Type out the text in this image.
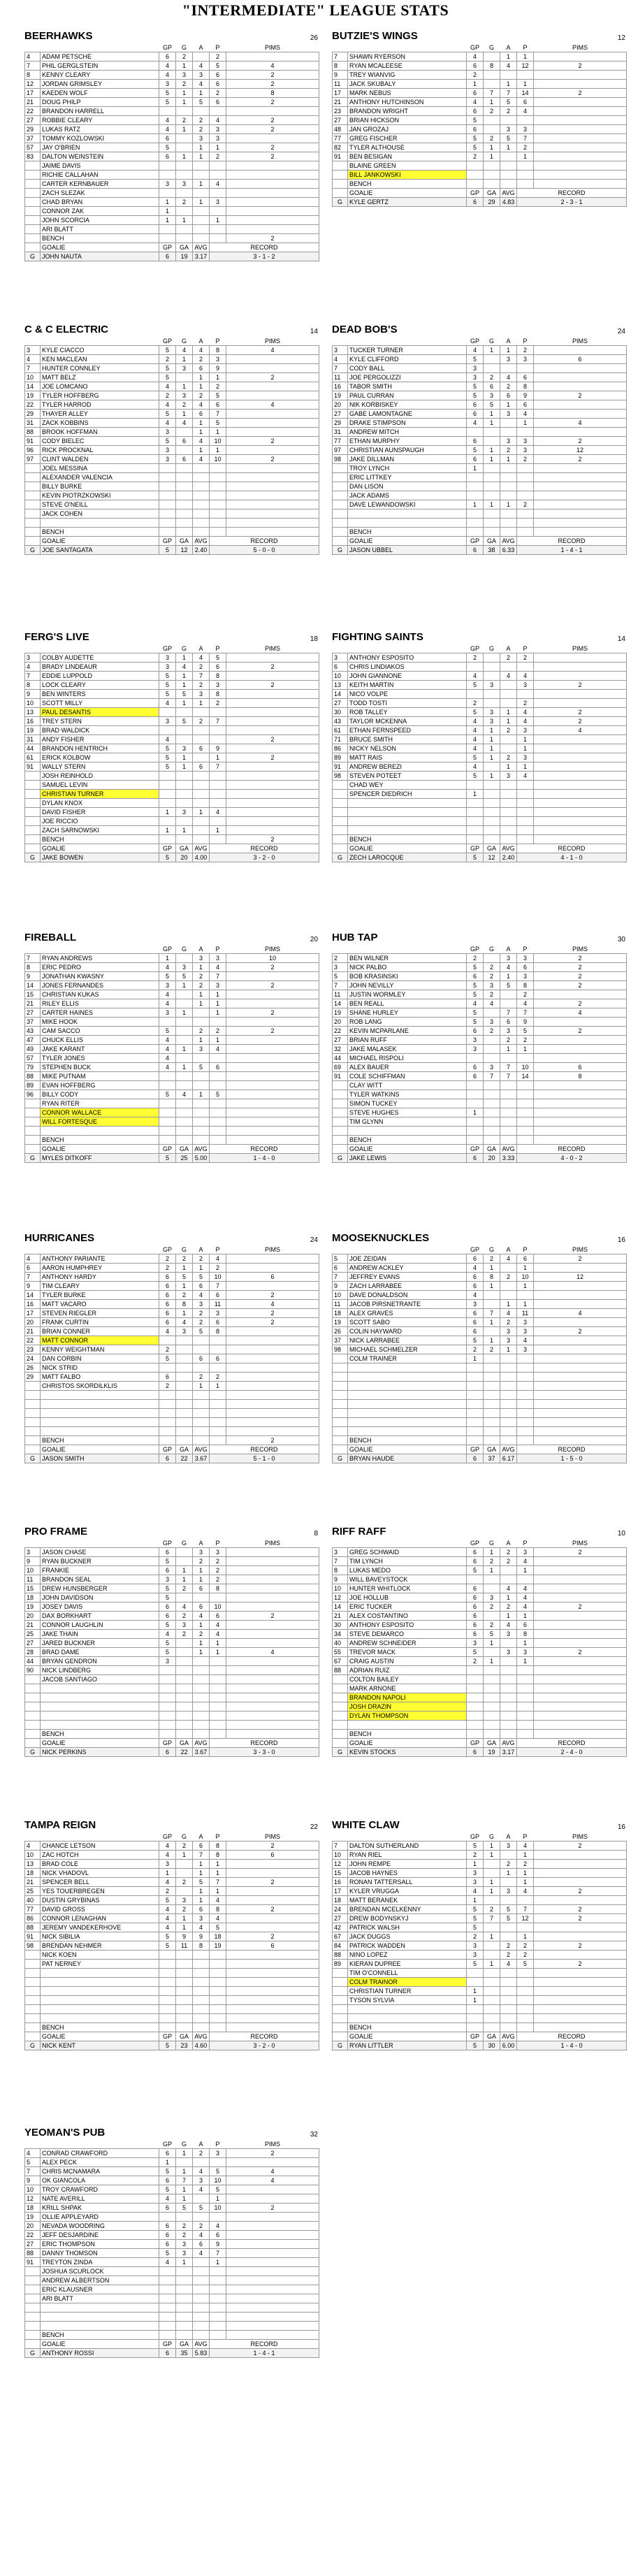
"INTERMEDIATE" LEAGUE STATS
BEERHAWKS	26
		GP	G	A	P	PIMS
4	ADAM PETSCHE	6	2		2	
7	PHIL GERGLSTEIN	4	1	4	5	4
8	KENNY CLEARY	4	3	3	6	2
12	JORDAN GRIMSLEY	3	2	4	6	2
17	KAEDEN WOLF	5	1	1	2	8
21	DOUG PHILP	5	1	5	6	2
22	BRANDON HARRELL					
27	ROBBIE CLEARY	4	2	2	4	2
29	LUKAS RATZ	4	1	2	3	2
37	TOMMY KOZLOWSKI	6		3	3	
57	JAY O'BRIEN	5		1	1	2
83	DALTON WEINSTEIN	6	1	1	2	2
	JAIME DAVIS					
	RICHIE CALLAHAN					
	CARTER KERNBAUER	3	3	1	4	
	ZACH SLEZAK					
	CHAD BRYAN	1	2	1	3	
	CONNOR ZAK	1				
	JOHN SCORCIA	1	1		1	
	ARI BLATT					
	BENCH					2
	GOALIE	GP	GA	AVG	RECORD	
G	JOHN NAUTA	6	19	3.17	3 - 1 - 2	
BUTZIE'S WINGS	12
		GP	G	A	P	PIMS
7	SHAWN RYERSON	4		1	1	
8	RYAN MCALEESE	6	8	4	12	2
9	TREY WIANVIG	2				
11	JACK SKUBALY	1		1	1	
17	MARK NEBUS	6	7	7	14	2
21	ANTHONY HUTCHINSON	4	1	5	6	
23	BRANDON WRIGHT	6	2	2	4	
27	BRIAN HICKSON	5				
48	JAN GROZAJ	6		3	3	
77	GREG FISCHER	5	2	5	7	
82	TYLER ALTHOUSE	5	1	1	2	
91	BEN BESIGAN	2	1		1	
	BLAINE GREEN					
	BILL JANKOWSKI					
	BENCH					
	GOALIE	GP	GA	AVG	RECORD	
G	KYLE GERTZ	6	29	4.83	2 - 3 - 1	
C & C ELECTRIC	14
		GP	G	A	P	PIMS
3	KYLE CIACCO	5	4	4	8	4
4	KEN MACLEAN	2	1	2	3	
7	HUNTER CONNLEY	5	3	6	9	
10	MATT BELZ	5		1	1	2
14	JOE LOMCANO	4	1	1	2	
19	TYLER HOFFBERG	2	3	2	5	
22	TYLER HARROD	4	2	4	6	4
29	THAYER ALLEY	5	1	6	7	
31	ZACK KOBBINS	4	4	1	5	
88	BROOK HOFFMAN	3		1	1	
91	CODY BIELEC	5	6	4	10	2
96	RICK PROCKNAL	3		1	1	
97	CLINT WALDEN	3	6	4	10	2
	JOEL MESSINA					
	ALEXANDER VALENCIA					
	BILLY BURKE					
	KEVIN PIOTRZKOWSKI					
	STEVE O'NEILL					
	JACK COHEN					

	BENCH					
	GOALIE	GP	GA	AVG	RECORD	
G	JOE SANTAGATA	5	12	2.40	5 - 0 - 0	
DEAD BOB'S	24
		GP	G	A	P	PIMS
3	TUCKER TURNER	4	1	1	2	
4	KYLE CLIFFORD	5		3	3	6
7	CODY BALL	3				
11	JOE PERGOLIZZI	3	2	4	6	
16	TABOR SMITH	5	6	2	8	
19	PAUL CURRAN	5	3	6	9	2
20	NIK KORBISKEY	6	5	1	6	
27	GABE LAMONTAGNE	6	1	3	4	
29	DRAKE STIMPSON	4	1		1	4
31	ANDREW MITCH					
77	ETHAN MURPHY	6		3	3	2
97	CHRISTIAN AUNSPAUGH	5	1	2	3	12
98	JAKE DILLMAN	6	1	1	2	2
	TROY LYNCH	1				
	ERIC LITTKEY					
	DAN LISON					
	JACK ADAMS					
	DAVE LEWANDOWSKI	1	1	1	2	

	BENCH					
	GOALIE	GP	GA	AVG	RECORD	
G	JASON UBBEL	6	38	6.33	1 - 4 - 1	
FERG'S LIVE	18
		GP	G	A	P	PIMS
3	COLBY AUDETTE	3	1	4	5	
4	BRADY LINDEAUR	3	4	2	6	2
7	EDDIE LUPPOLD	5	1	7	8	
8	LOCK CLEARY	5	1	2	3	2
9	BEN WINTERS	5	5	3	8	
10	SCOTT MILLY	4	1	1	2	
13	PAUL DESANTIS					
16	TREY STERN	3	5	2	7	
19	BRAD WALDICK					
31	ANDY FISHER	4				2
44	BRANDON HENTRICH	5	3	6	9	
61	ERICK KOLBOW	5	1		1	2
91	WALLY STERN	5	1	6	7	
	JOSH REINHOLD					
	SAMUEL LEVIN					
	CHRISTIAN TURNER					
	DYLAN KNOX					
	DAVID FISHER	1	3	1	4	
	JOE RICCIO					
	ZACH SARNOWSKI	1	1		1	
	BENCH					2
	GOALIE	GP	GA	AVG	RECORD	
G	JAKE BOWEN	5	20	4.00	3 - 2 - 0	
FIGHTING SAINTS	14
		GP	G	A	P	PIMS
3	ANTHONY ESPOSITO	2		2	2	
6	CHRIS LINDIAKOS					
10	JOHN GIANNONE	4		4	4	
13	KEITH MARTIN	5	3		3	2
14	NICO VOLPE					
27	TODD TOSTI	2			2	
30	ROB TALLEY	5	3	1	4	2
43	TAYLOR MCKENNA	4	3	1	4	2
61	ETHAN FERNSPEED	4	1	2	3	4
71	BRUCE SMITH	4	1		1	
86	NICKY NELSON	4	1		1	
89	MATT RAIS	5	1	2	3	
91	ANDREW BEREZI	4		1	1	
98	STEVEN POTEET	5	1	3	4	
	CHAD WEY					
	SPENCER DIEDRICH	1				

	BENCH					
	GOALIE	GP	GA	AVG	RECORD	
G	ZECH LAROCQUE	5	12	2.40	4 - 1 - 0	
FIREBALL	20
		GP	G	A	P	PIMS
7	RYAN ANDREWS	1		3	3	10
8	ERIC PEDRO	4	3	1	4	2
9	JONATHAN KWASNY	5	5	2	7	
14	JONES FERNANDES	3	1	2	3	2
15	CHRISTIAN KUKAS	4		1	1	
21	RILEY ELLIS	4		1	1	
27	CARTER HAINES	3	1		1	2
37	MIKE HOOK					
43	CAM SACCO	5		2	2	2
47	CHUCK ELLIS	4		1	1	
49	JAKE KARANT	4	1	3	4	
57	TYLER JONES	4				
79	STEPHEN BUCK	4	1	5	6	
88	MIKE PUTNAM					
89	EVAN HOFFBERG					
96	BILLY CODY	5	4	1	5	
	RYAN RITER					
	CONNOR WALLACE					
	WILL FORTESQUE					

	BENCH					
	GOALIE	GP	GA	AVG	RECORD	
G	MYLES DITKOFF	5	25	5.00	1 - 4 - 0	
HUB TAP	30
		GP	G	A	P	PIMS
2	BEN WILNER	2		3	3	2
3	NICK PALBO	5	2	4	6	2
5	BOB KRASINSKI	6	2	1	3	2
7	JOHN NEVILLY	5	3	5	8	2
11	JUSTIN WORMLEY	5	2		2	
14	BEN REALL	4	4		4	2
19	SHANE HURLEY	5		7	7	4
20	ROB LANG	5	3	6	9	
22	KEVIN MCPARLANE	6	2	3	5	2
27	BRIAN RUFF	3		2	2	
32	JAKE MALASEK	3		1	1	
44	MICHAEL RISPOLI					
69	ALEX BAUER	6	3	7	10	6
91	COLE SCHIFFMAN	6	7	7	14	8
	CLAY WITT					
	TYLER WATKINS					
	SIMON TUCKEY					
	STEVE HUGHES	1				
	TIM GLYNN					

	BENCH					
	GOALIE	GP	GA	AVG	RECORD	
G	JAKE LEWIS	6	20	3.33	4 - 0 - 2	
HURRICANES	24
		GP	G	A	P	PIMS
4	ANTHONY PARIANTE	2	2	2	4	
6	AARON HUMPHREY	2	1	1	2	
7	ANTHONY HARDY	6	5	5	10	6
9	TIM CLEARY	6	1	6	7	
14	TYLER BURKE	6	2	4	6	2
16	MATT VACARO	6	8	3	11	4
17	STEVEN RIEGLER	6	1	2	3	2
20	FRANK CURTIN	6	4	2	6	2
21	BRIAN CONNER	4	3	5	8	
22	MATT CONNOR					
23	KENNY WEIGHTMAN	2				
24	DAN CORBIN	5		6	6	
26	NICK STRID					
29	MATT FALBO	6		2	2	
	CHRISTOS SKORDILKLIS	2		1	1	

	BENCH					2
	GOALIE	GP	GA	AVG	RECORD	
G	JASON SMITH	6	22	3.67	5 - 1 - 0	
MOOSEKNUCKLES	16
		GP	G	A	P	PIMS
5	JOE ZEIDAN	6	2	4	6	2
6	ANDREW ACKLEY	4	1		1	
7	JEFFREY EVANS	6	8	2	10	12
9	ZACH LARRABEE	6	1		1	
10	DAVE DONALDSON	4				
11	JACOB PIRSNETRANTE	3		1	1	
18	ALEX GRAVES	6	7	4	11	4
19	SCOTT SABO	6	1	2	3	
26	COLIN HAYWARD	6		3	3	2
37	NICK LARRABEE	5	1	3	4	
98	MICHAEL SCHMELZER	2	2	1	3	
	COLM TRAINER	1				

	BENCH					
	GOALIE	GP	GA	AVG	RECORD	
G	BRYAN HAUDE	6	37	6.17	1 - 5 - 0	
PRO FRAME	8
		GP	G	A	P	PIMS
3	JASON CHASE	6		3	3	
9	RYAN BUCKNER	5		2	2	
10	FRANKIE	6	1	1	2	
11	BRANDON SEAL	3	1	1	2	
15	DREW HUNSBERGER	5	2	6	8	
18	JOHN DAVIDSON	5				
19	JOSEY DAVIS	6	4	6	10	
20	DAX BORKHART	6	2	4	6	2
21	CONNOR LAUGHLIN	5	3	1	4	
25	JAKE THAIN	4	2	2	4	
27	JARED BUCKNER	5		1	1	
28	BRAD DAME	5		1	1	4
44	BRYAN GENDRON	3				
90	NICK LINDBERG					
	JACOB SANTIAGO					

	BENCH					
	GOALIE	GP	GA	AVG	RECORD	
G	NICK PERKINS	6	22	3.67	3 - 3 - 0	
RIFF RAFF	10
		GP	G	A	P	PIMS
3	GREG SCHWAID	6	1	2	3	2
7	TIM LYNCH	6	2	2	4	
8	LUKAS MEDO	5	1		1	
9	WILL BAVEYSTOCK					
10	HUNTER WHITLOCK	6		4	4	
12	JOE HOLLUB	6	3	1	4	
14	ERIC TUCKER	6	2	2	4	2
21	ALEX COSTANTINO	6		1	1	
30	ANTHONY ESPOSITO	6	2	4	6	
34	STEVE DEMARCO	6	5	3	8	
40	ANDREW SCHNEIDER	3	1		1	
55	TREVOR MACK	5		3	3	2
67	CRAIG AUSTIN	2	1		1	
88	ADRIAN RUIZ					
	COLTON BAILEY					
	MARK ARNONE					
	BRANDON NAPOLI					
	JOSH DRAZIN					
	DYLAN THOMPSON					

	BENCH					
	GOALIE	GP	GA	AVG	RECORD	
G	KEVIN STOCKS	6	19	3.17	2 - 4 - 0	
TAMPA REIGN	22
		GP	G	A	P	PIMS
4	CHANCE LETSON	4	2	6	8	2
10	ZAC HOTCH	4	1	7	8	6
13	BRAD COLE	3		1	1	
18	NICK VHADOVL	1		1	1	
21	SPENCER BELL	4	2	5	7	2
25	YES TOUERBREGEN	2		1	1	
40	DUSTIN GRYBINAS	5	3	1	4	
77	DAVID GROSS	4	2	6	8	2
86	CONNOR LENAGHAN	4	1	3	4	
88	JEREMY VANDEKERHOVE	4	1	4	5	
91	NICK SIBILIA	5	9	9	18	2
98	BRENDAN NEHMER	5	11	8	19	6
	NICK KOEN					
	PAT NERNEY					

	BENCH					
	GOALIE	GP	GA	AVG	RECORD	
G	NICK KENT	5	23	4.60	3 - 2 - 0	
WHITE CLAW	16
		GP	G	A	P	PIMS
7	DALTON SUTHERLAND	5	1	3	4	2
10	RYAN RIEL	2	1		1	
12	JOHN REMPE	1		2	2	
15	JACOB HAYNES	3		1	1	
16	RONAN TATTERSALL	3	1		1	
17	KYLER VRUGGA	4	1	3	4	2
18	MATT BERANEK	1				
24	BRENDAN MCELKENNY	5	2	5	7	2
27	DREW BODYNSKYJ	5	7	5	12	2
42	PATRICK WALSH	5				
67	JACK DUGGS	2	1		1	
84	PATRICK WADDEN	3		2	2	2
88	NINO LOPEZ	3		2	2	
89	KIERAN DUPREE	5	1	4	5	2
	TIM O'CONNELL					
	COLM TRAINOR					
	CHRISTIAN TURNER	1				
	TYSON SYLVIA	1				

	BENCH					
	GOALIE	GP	GA	AVG	RECORD	
G	RYAN LITTLER	5	30	6.00	1 - 4 - 0	
YEOMAN'S PUB	32
		GP	G	A	P	PIMS
4	CONRAD CRAWFORD	6	1	2	3	2
5	ALEX PECK	1				
7	CHRIS MCNAMARA	5	1	4	5	4
9	OK GIANCOLA	6	7	3	10	4
10	TROY CRAWFORD	5	1	4	5	
12	NATE AVERILL	4	1		1	
18	KRILL SHPAK	6	5	5	10	2
19	OLLIE APPLEYARD					
20	NEVADA WOODRING	6	2	2	4	
22	JEFF DESJARDINE	6	2	4	6	
27	ERIC THOMPSON	6	3	6	9	
88	DANNY THOMSON	5	3	4	7	
91	TREYTON ZINDA	4	1		1	
	JOSHUA SCURLOCK					
	ANDREW ALBERTSON					
	ERIC KLAUSNER					
	ARI BLATT					

	BENCH					
	GOALIE	GP	GA	AVG	RECORD	
G	ANTHONY ROSSI	6	35	5.83	1 - 4 - 1	
